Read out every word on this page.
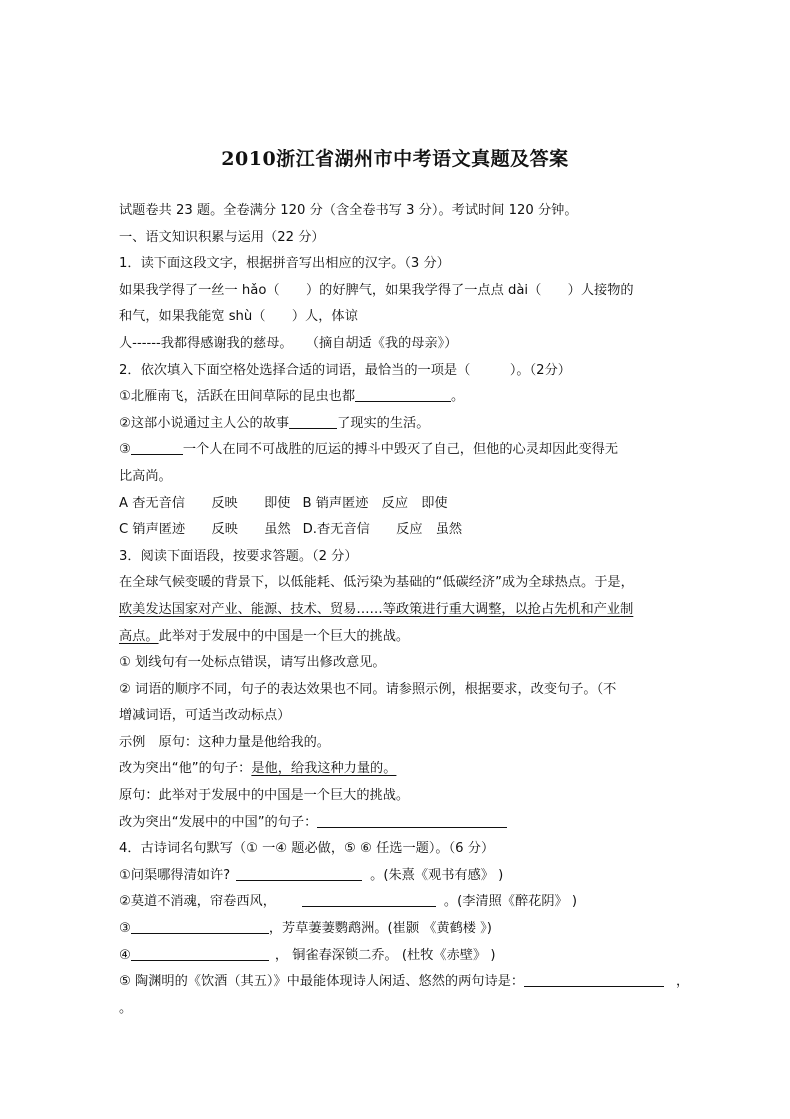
2010浙江省湖州市中考语文真题及答案
试题卷共 23 题。全卷满分 120 分（含全卷书写 3 分）。考试时间 120 分钟。
一、语文知识积累与运用（22 分）
1．读下面这段文字，根据拼音写出相应的汉字。（3 分）
如果我学得了一丝一 hǎo（　　）的好脾气，如果我学得了一点点 dài（　　）人接物的
和气，如果我能宽 shù（　　）人，体谅
人------我都得感谢我的慈母。　　（摘自胡适《我的母亲》）
2．依次填入下面空格处选择合适的词语，最恰当的一项是（　　　）。（2分）
①北雁南飞，活跃在田间草际的昆虫也都	。
②这部小说通过主人公的故事	了现实的生活。
③	一个人在同不可战胜的厄运的搏斗中毁灭了自己，但他的心灵却因此变得无
比高尚。
A 杳无音信　　反映　　即使 B 销声匿迹　反应　即使
C 销声匿迹　　反映　　虽然 D.杳无音信　　反应　虽然
3．阅读下面语段，按要求答题。（2 分）
在全球气候变暖的背景下，以低能耗、低污染为基础的“低碳经济”成为全球热点。于是，
欧美发达国家对产业、能源、技术、贸易……等政策进行重大调整，以抢占先机和产业制
高点。此举对于发展中的中国是一个巨大的挑战。
① 划线句有一处标点错误，请写出修改意见。
② 词语的顺序不同，句子的表达效果也不同。请参照示例，根据要求，改变句子。（不
增减词语，可适当改动标点）
示例　原句：这种力量是他给我的。
改为突出“他”的句子：是他，给我这种力量的。
原句：此举对于发展中的中国是一个巨大的挑战。
改为突出“发展中的中国”的句子：
4．古诗词名句默写（① 一④ 题必做，⑤ ⑥ 任选一题）。（6 分）
①问渠哪得清如许?	。(朱熹《观书有感》 )
②莫道不消魂，帘卷西风，	。(李清照《醉花阴》 )
③	，芳草萋萋鹦鹉洲。(崔颢 《黄鹤楼 》)
④	， 铜雀春深锁二乔。 (杜牧《赤壁》 )
⑤ 陶渊明的《饮酒（其五）》中最能体现诗人闲适、悠然的两句诗是：	，
。
